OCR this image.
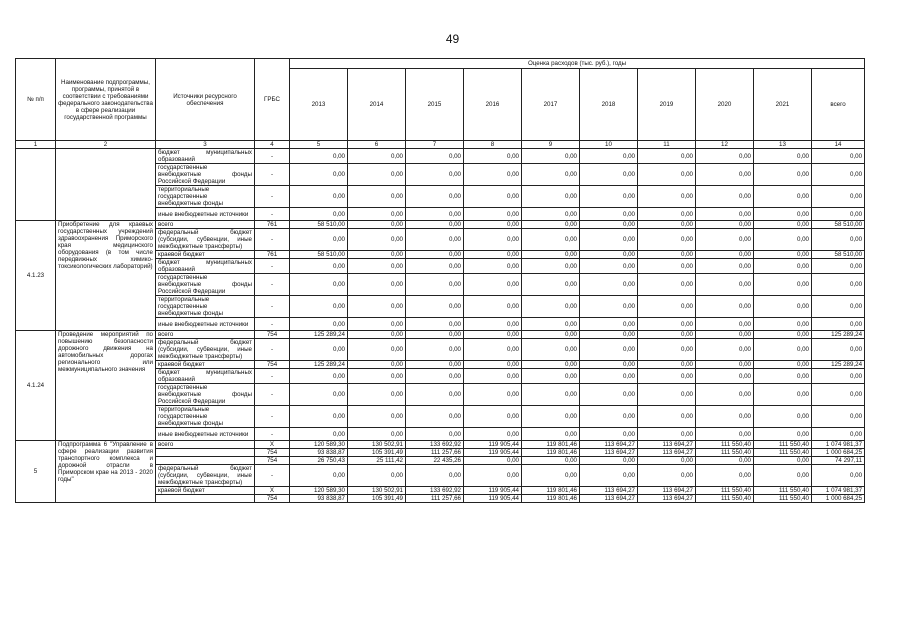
49
№ п/п	Наименование подпрограммы, программы, принятой в соответствии с требованиями федерального законодательства в сфере реализации государственной программы	Источники ресурсного обеспечения	ГРБС	Оценка расходов (тыс. руб.), годы									
				2013	2014	2015	2016	2017	2018	2019	2020	2021	всего
1	2	3	4	5	6	7	8	9	10	11	12	13	14
		бюджет муниципальных образований	-	0,00	0,00	0,00	0,00	0,00	0,00	0,00	0,00	0,00	0,00
		государственные внебюджетные фонды Российской Федерации	-	0,00	0,00	0,00	0,00	0,00	0,00	0,00	0,00	0,00	0,00
		территориальные государственные внебюджетные фонды	-	0,00	0,00	0,00	0,00	0,00	0,00	0,00	0,00	0,00	0,00
		иные внебюджетные источники	-	0,00	0,00	0,00	0,00	0,00	0,00	0,00	0,00	0,00	0,00
4.1.23	Приобретение для краевых государственных учреждений здравоохранения Приморского края медицинского оборудования (в том числе передвижных химико-токсикологических лабораторий)	всего	761	58 510,00	0,00	0,00	0,00	0,00	0,00	0,00	0,00	0,00	58 510,00
		федеральный бюджет (субсидии, субвенции, иные межбюджетные трансферты)	-	0,00	0,00	0,00	0,00	0,00	0,00	0,00	0,00	0,00	0,00
		краевой бюджет	761	58 510,00	0,00	0,00	0,00	0,00	0,00	0,00	0,00	0,00	58 510,00
		бюджет муниципальных образований	-	0,00	0,00	0,00	0,00	0,00	0,00	0,00	0,00	0,00	0,00
		государственные внебюджетные фонды Российской Федерации	-	0,00	0,00	0,00	0,00	0,00	0,00	0,00	0,00	0,00	0,00
		территориальные государственные внебюджетные фонды	-	0,00	0,00	0,00	0,00	0,00	0,00	0,00	0,00	0,00	0,00
		иные внебюджетные источники	-	0,00	0,00	0,00	0,00	0,00	0,00	0,00	0,00	0,00	0,00
4.1.24	Проведение мероприятий по повышению безопасности дорожного движения на автомобильных дорогах регионального или межмуниципального значения	всего	754	125 289,24	0,00	0,00	0,00	0,00	0,00	0,00	0,00	0,00	125 289,24
		федеральный бюджет (субсидии, субвенции, иные межбюджетные трансферты)	-	0,00	0,00	0,00	0,00	0,00	0,00	0,00	0,00	0,00	0,00
		краевой бюджет	754	125 289,24	0,00	0,00	0,00	0,00	0,00	0,00	0,00	0,00	125 289,24
		бюджет муниципальных образований	-	0,00	0,00	0,00	0,00	0,00	0,00	0,00	0,00	0,00	0,00
		государственные внебюджетные фонды Российской Федерации	-	0,00	0,00	0,00	0,00	0,00	0,00	0,00	0,00	0,00	0,00
		территориальные государственные внебюджетные фонды	-	0,00	0,00	0,00	0,00	0,00	0,00	0,00	0,00	0,00	0,00
		иные внебюджетные источники	-	0,00	0,00	0,00	0,00	0,00	0,00	0,00	0,00	0,00	0,00
5	Подпрограмма 6 "Управление в сфере реализации развития транспортного комплекса и дорожной отрасли в Приморском крае на 2013 - 2020 годы"	всего	X	120 589,30	130 502,91	133 692,92	119 905,44	119 801,46	113 694,27	113 694,27	111 550,40	111 550,40	1 074 981,37
			754	93 838,87	105 391,49	111 257,66	119 905,44	119 801,46	113 694,27	113 694,27	111 550,40	111 550,40	1 000 684,25
			754	26 750,43	25 111,42	22 435,26	0,00	0,00	0,00	0,00	0,00	0,00	74 297,11
		федеральный бюджет (субсидии, субвенции, иные межбюджетные трансферты)	-	0,00	0,00	0,00	0,00	0,00	0,00	0,00	0,00	0,00	0,00
		краевой бюджет	X	120 589,30	130 502,91	133 692,92	119 905,44	119 801,46	113 694,27	113 694,27	111 550,40	111 550,40	1 074 981,37
			754	93 838,87	105 391,49	111 257,66	119 905,44	119 801,46	113 694,27	113 694,27	111 550,40	111 550,40	1 000 684,25
